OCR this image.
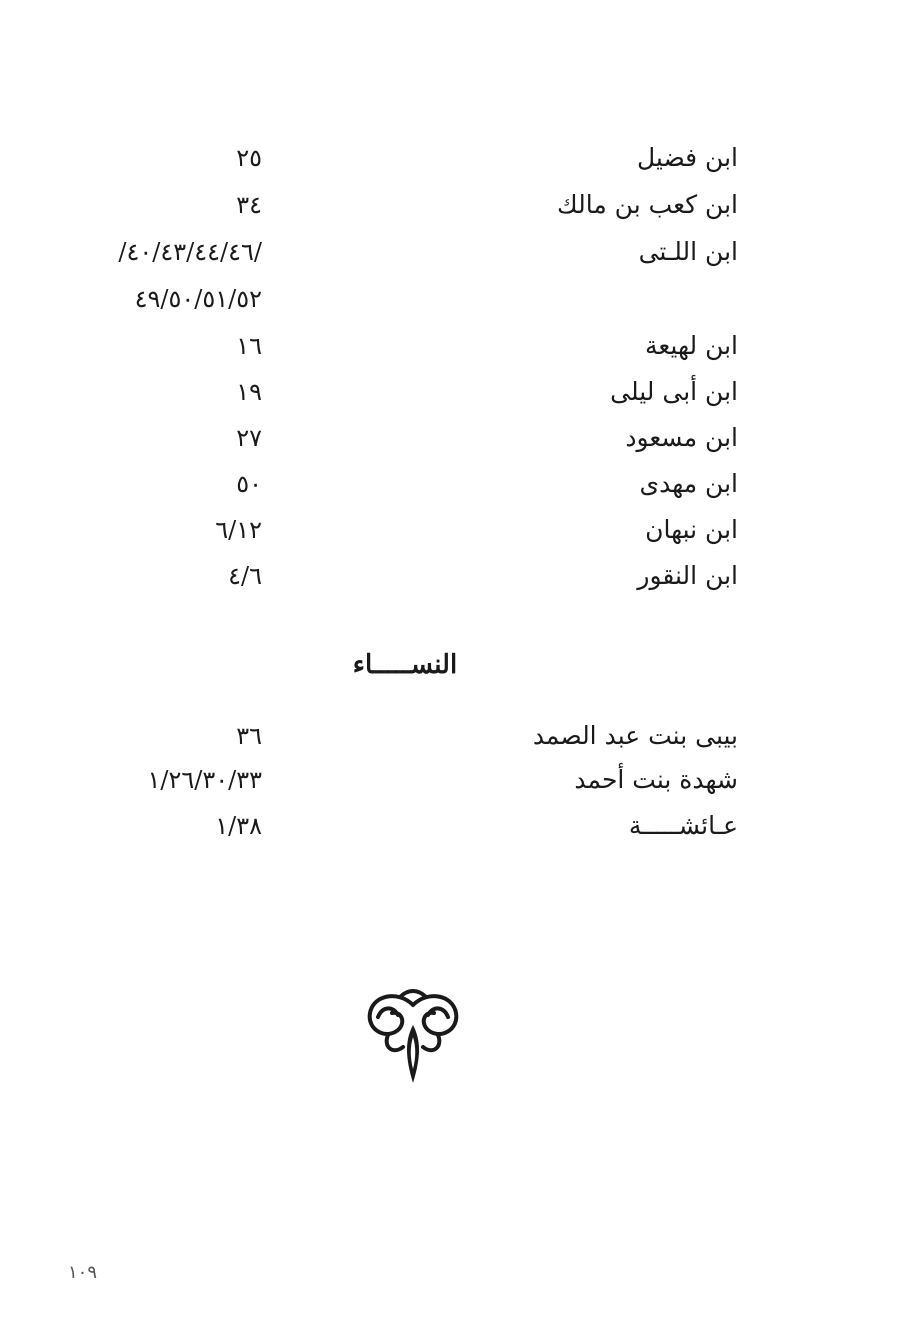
ابن فضيل
٢٥
ابن كعب بن مالك
٣٤
ابن اللـتى
/٤٠/٤٣/٤٤/٤٦/
٤٩/٥٠/٥١/٥٢
ابن لهيعة
١٦
ابن أبى ليلى
١٩
ابن مسعود
٢٧
ابن مهدى
٥٠
ابن نبهان
٦/١٢
ابن النقور
٤/٦
النســـــاء
بيبى بنت عبد الصمد
٣٦
شهدة بنت أحمد
١/٢٦/٣٠/٣٣
عـائشـــــة
١/٣٨
١٠٩
